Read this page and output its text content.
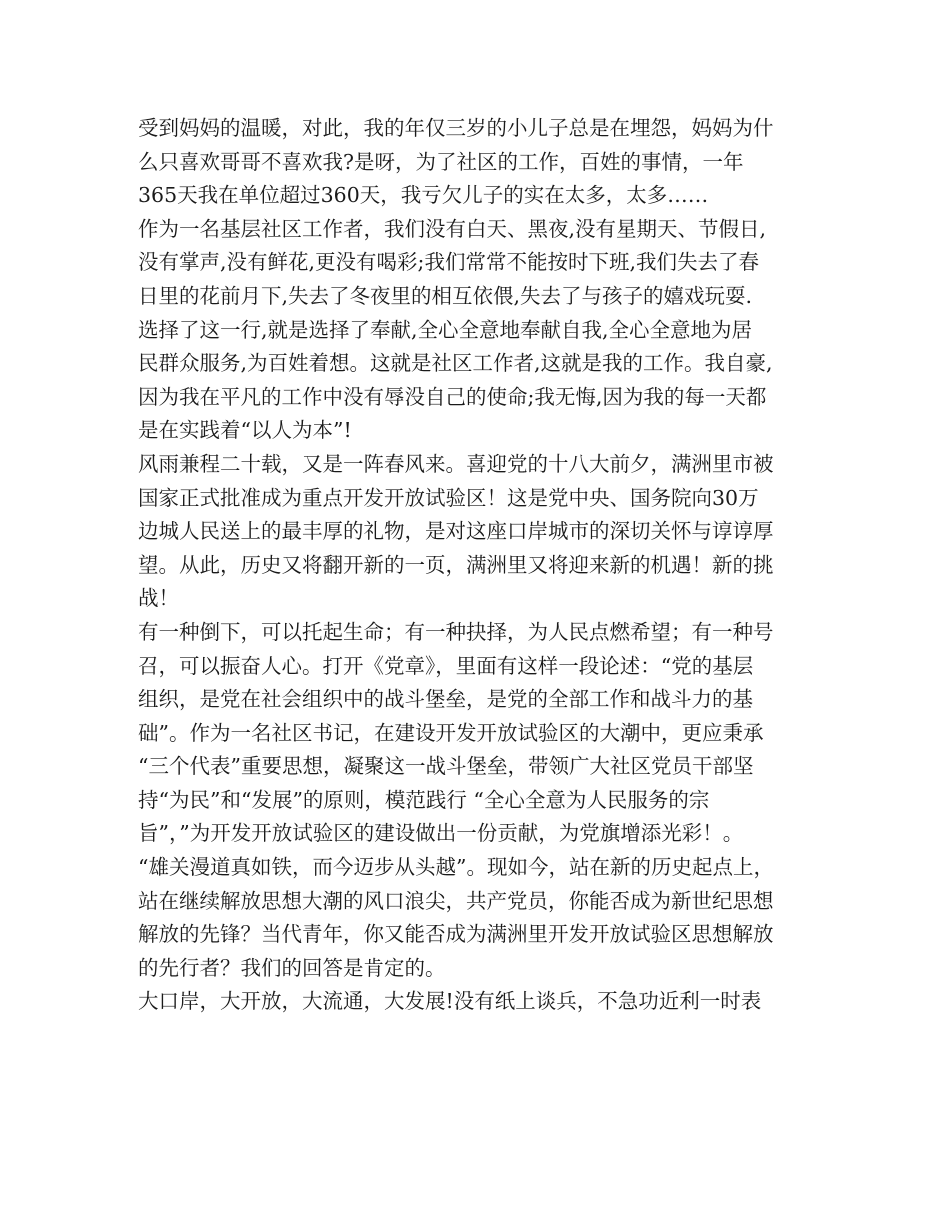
受到妈妈的温暖，对此，我的年仅三岁的小儿子总是在埋怨，妈妈为什
么只喜欢哥哥不喜欢我?是呀，为了社区的工作，百姓的事情，一年
365天我在单位超过360天，我亏欠儿子的实在太多，太多……
作为一名基层社区工作者，我们没有白天、黑夜,没有星期天、节假日,
没有掌声,没有鲜花,更没有喝彩;我们常常不能按时下班,我们失去了春
日里的花前月下,失去了冬夜里的相互依偎,失去了与孩子的嬉戏玩耍.
选择了这一行,就是选择了奉献,全心全意地奉献自我,全心全意地为居
民群众服务,为百姓着想。这就是社区工作者,这就是我的工作。我自豪,
因为我在平凡的工作中没有辱没自己的使命;我无悔,因为我的每一天都
是在实践着“以人为本”!
风雨兼程二十载，又是一阵春风来。喜迎党的十八大前夕，满洲里市被
国家正式批准成为重点开发开放试验区！这是党中央、国务院向30万
边城人民送上的最丰厚的礼物，是对这座口岸城市的深切关怀与谆谆厚
望。从此，历史又将翻开新的一页，满洲里又将迎来新的机遇！新的挑
战！
有一种倒下，可以托起生命；有一种抉择，为人民点燃希望；有一种号
召，可以振奋人心。打开《党章》，里面有这样一段论述：“党的基层
组织，是党在社会组织中的战斗堡垒，是党的全部工作和战斗力的基
础”。作为一名社区书记，在建设开发开放试验区的大潮中，更应秉承
“三个代表”重要思想，凝聚这一战斗堡垒，带领广大社区党员干部坚
持“为民”和“发展”的原则，模范践行 “全心全意为人民服务的宗
旨”，”为开发开放试验区的建设做出一份贡献，为党旗增添光彩！。
“雄关漫道真如铁，而今迈步从头越”。现如今，站在新的历史起点上，
站在继续解放思想大潮的风口浪尖，共产党员，你能否成为新世纪思想
解放的先锋？当代青年，你又能否成为满洲里开发开放试验区思想解放
的先行者？我们的回答是肯定的。
大口岸，大开放，大流通，大发展!没有纸上谈兵，不急功近利一时表
